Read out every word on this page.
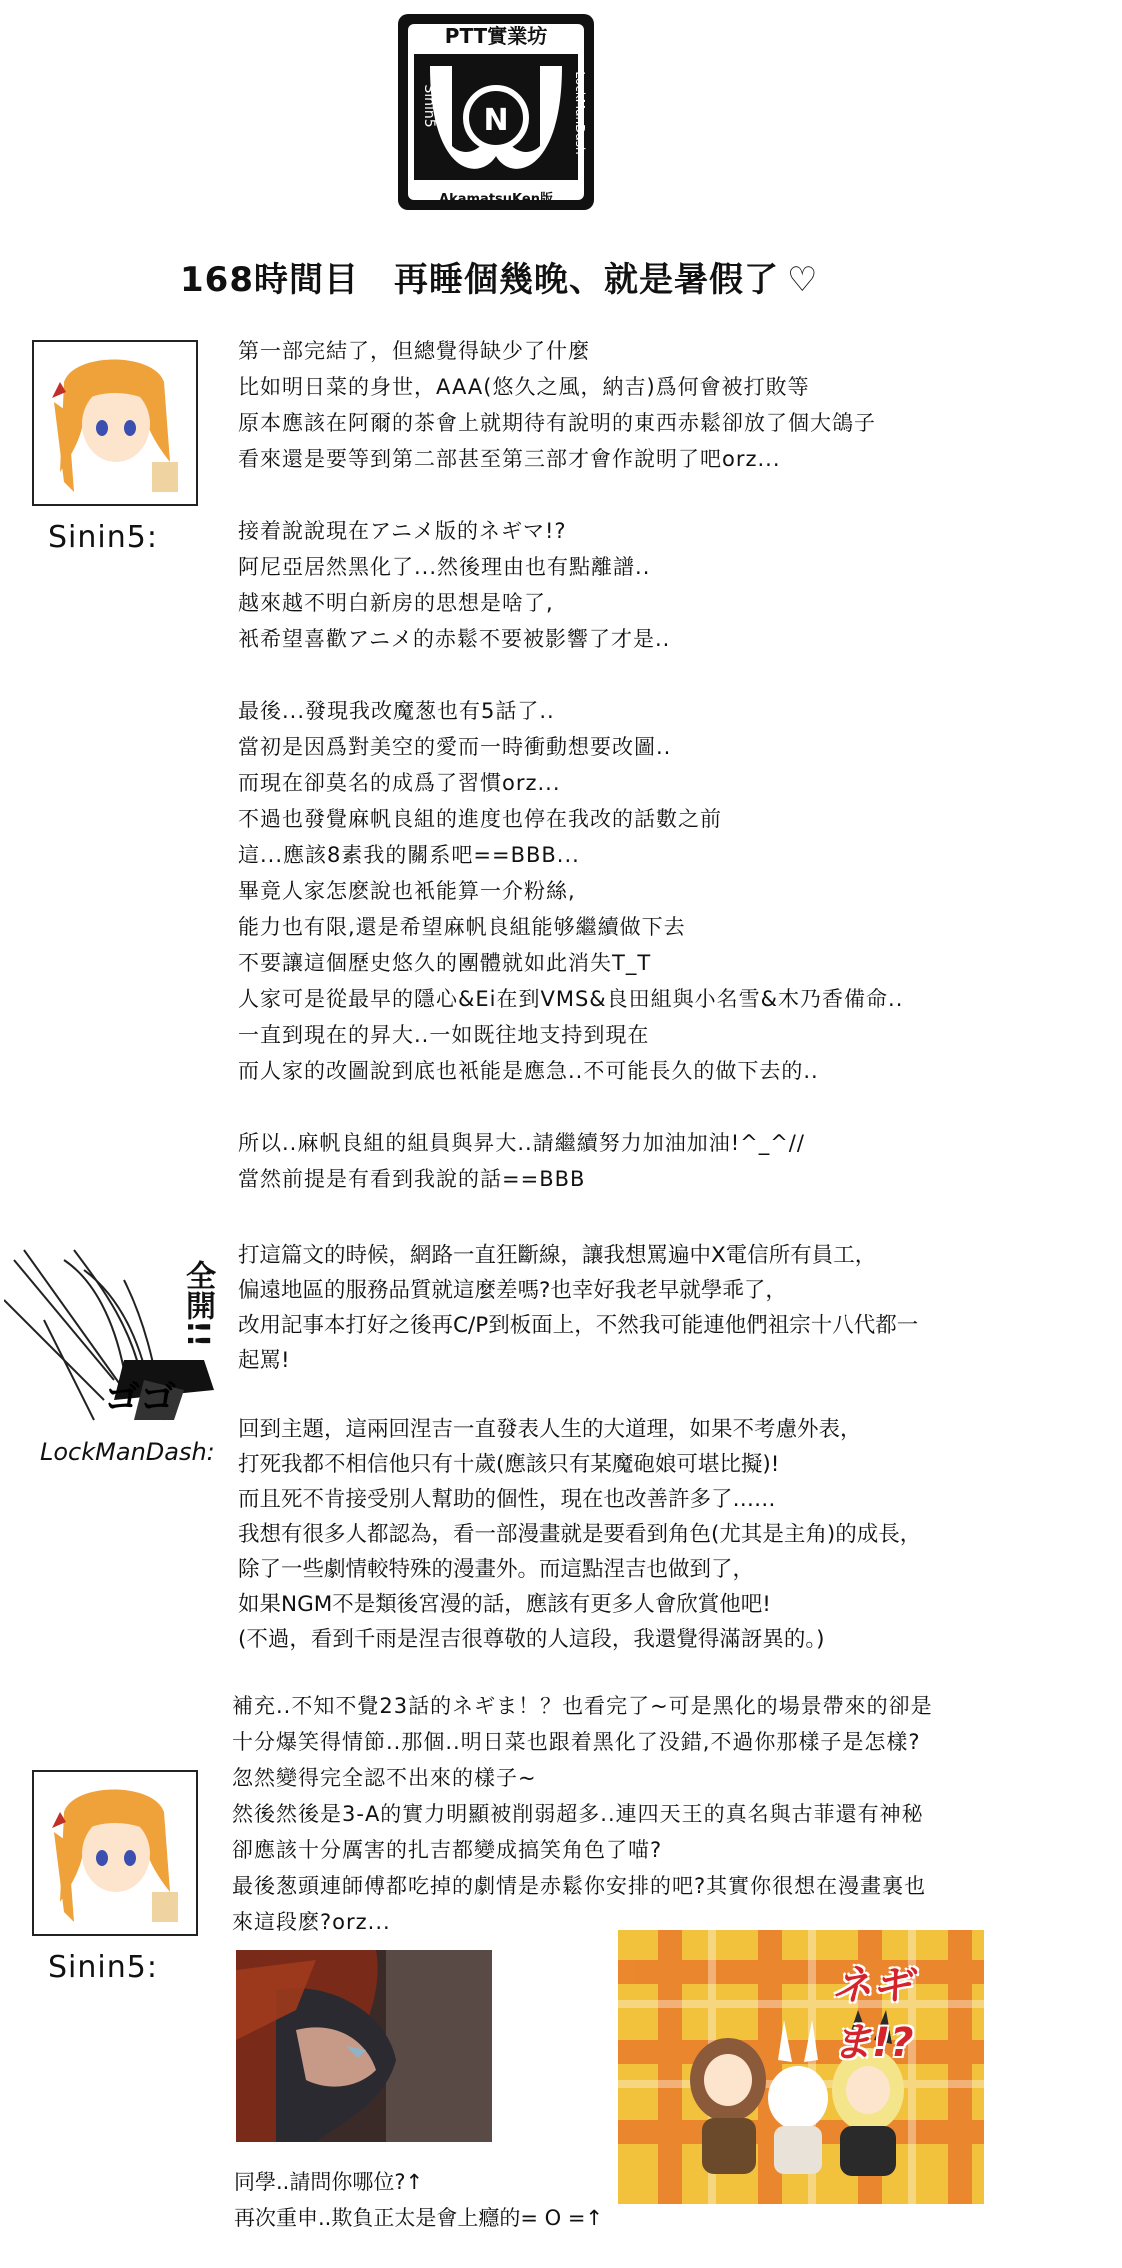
N
PTT實業坊
AkamatsuKen版
Sinin5	LockManDash
168時間目　再睡個幾晚、就是暑假了 ♡
Sinin5:

第一部完結了，但總覺得缺少了什麼

比如明日菜的身世，AAA(悠久之風，納吉)爲何會被打敗等

原本應該在阿爾的茶會上就期待有說明的東西赤鬆卻放了個大鴿子

看來還是要等到第二部甚至第三部才會作說明了吧orz...

接着說說現在アニメ版的ネギマ!?

阿尼亞居然黑化了...然後理由也有點離譜..

越來越不明白新房的思想是啥了,

衹希望喜歡アニメ的赤鬆不要被影響了才是..

最後...發現我改魔葱也有5話了..

當初是因爲對美空的愛而一時衝動想要改圖..

而現在卻莫名的成爲了習慣orz...

不過也發覺麻帆良組的進度也停在我改的話數之前

這...應該8素我的關系吧==BBB...

畢竟人家怎麽說也衹能算一介粉絲,

能力也有限,還是希望麻帆良組能够繼續做下去

不要讓這個歷史悠久的團體就如此消失T_T

人家可是從最早的隱心&Ei在到VMS&良田組與小名雪&木乃香備命..

一直到現在的昇大..一如既往地支持到現在

而人家的改圖說到底也衹能是應急..不可能長久的做下去的..

所以..麻帆良組的組員與昇大..請繼續努力加油加油!^_^//

當然前提是有看到我說的話==BBB

全開!!
ゴゴ
LockManDash:

打這篇文的時候，網路一直狂斷線，讓我想罵遍中X電信所有員工，

偏遠地區的服務品質就這麼差嗎?也幸好我老早就學乖了，

改用記事本打好之後再C/P到板面上，不然我可能連他們祖宗十八代都一

起罵!

回到主題，這兩回涅吉一直發表人生的大道理，如果不考慮外表，

打死我都不相信他只有十歲(應該只有某魔砲娘可堪比擬)!

而且死不肯接受別人幫助的個性，現在也改善許多了……

我想有很多人都認為，看一部漫畫就是要看到角色(尤其是主角)的成長，

除了一些劇情較特殊的漫畫外。而這點涅吉也做到了，

如果NGM不是類後宮漫的話，應該有更多人會欣賞他吧!

(不過，看到千雨是涅吉很尊敬的人這段，我還覺得滿訝異的。)

Sinin5:

補充..不知不覺23話的ネギま！？也看完了~可是黑化的場景帶來的卻是

十分爆笑得情節..那個..明日菜也跟着黑化了没錯,不過你那樣子是怎樣?

忽然變得完全認不出來的樣子~

然後然後是3-A的實力明顯被削弱超多..連四天王的真名與古菲還有神秘

卻應該十分厲害的扎吉都變成搞笑角色了喵?

最後葱頭連師傅都吃掉的劇情是赤鬆你安排的吧?其實你很想在漫畫裏也

來這段麽?orz...

ネギま!?

同學..請問你哪位?↑

再次重申..欺負正太是會上癮的= O =↑
